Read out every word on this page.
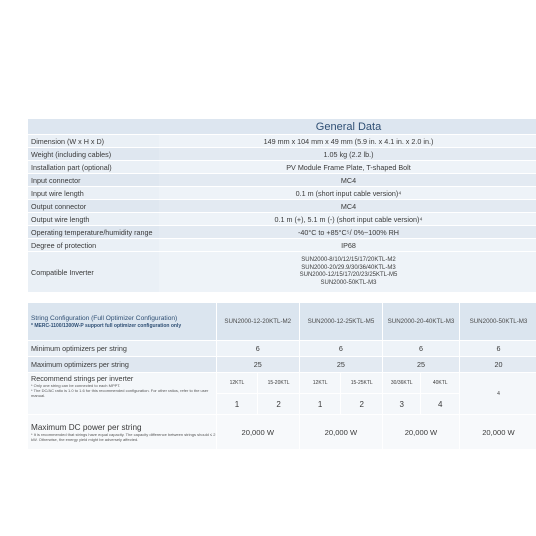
	General Data
Dimension (W x H x D)	149 mm x 104 mm x 49 mm (5.9 in. x 4.1 in. x 2.0 in.)
Weight (including cables)	1.05 kg (2.2 lb.)
Installation part (optional)	PV Module Frame Plate, T-shaped Bolt
Input connector	MC4
Input wire length	0.1 m (short input cable version)⁴
Output connector	MC4
Output wire length	0.1 m (+), 5.1 m (-) (short input cable version)⁴
Operating temperature/humidity range	-40°C to +85°C⁵/ 0%~100% RH
Degree of protection	IP68
Compatible Inverter	SUN2000-8/10/12/15/17/20KTL-M2
SUN2000-20/29.9/30/36/40KTL-M3
SUN2000-12/15/17/20/23/25KTL-M5
SUN2000-50KTL-M3
String Configuration (Full Optimizer Configuration)
* MERC-1100/1300W-P support full optimizer configuration only	SUN2000-12-20KTL-M2		SUN2000-12-25KTL-M5		SUN2000-20-40KTL-M3		SUN2000-50KTL-M3
Minimum optimizers per string	6		6		6		6
Maximum optimizers per string	25		25		25		20

Recommend strings per inverter
* Only one string can be connected to each MPPT.
* The DC/AC ratio is 1.0 to 1.6 for this recommended configuration. For other ratios, refer to the user manual.	12KTL	15-20KTL	12KTL	15-25KTL	30/36KTL	40KTL	4
	1	2	1	2	3	4	

Maximum DC power per string
* It is recommended that strings have equal capacity. The capacity difference between strings should ≤ 2 kW. Otherwise, the energy yield might be adversely affected.	20,000 W		20,000 W		20,000 W		20,000 W
